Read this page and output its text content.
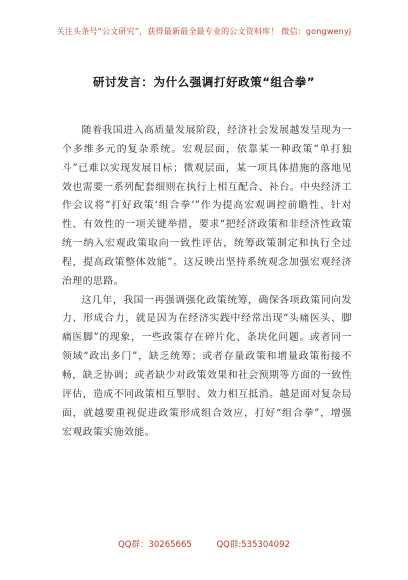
关注头条号“公文研究”，获得最新最全最专业的公文资料库！ 微信：gongwenyj
研讨发言：为什么强调打好政策“组合拳”

随着我国进入高质量发展阶段，经济社会发展越发呈现为一个多维多元的复杂系统。宏观层面，依靠某一种政策“单打独斗”已难以实现发展目标；微观层面，某一项具体措施的落地见效也需要一系列配套细则在执行上相互配合、补台。中央经济工作会议将“打好政策‘组合拳’”作为提高宏观调控前瞻性、针对性、有效性的一项关键举措，要求“把经济政策和非经济性政策统一纳入宏观政策取向一致性评估，统筹政策制定和执行全过程，提高政策整体效能”。这反映出坚持系统观念加强宏观经济治理的思路。

这几年，我国一再强调强化政策统筹，确保各项政策同向发力、形成合力，就是因为在经济实践中经常出现“头痛医头、脚痛医脚”的现象，一些政策存在碎片化、条块化问题。或者同一领域“政出多门”，缺乏统筹；或者存量政策和增量政策衔接不畅，缺乏协调；或者缺少对政策效果和社会预期等方面的一致性评估，造成不同政策相互掣肘、效力相互抵消。越是面对复杂局面，就越要重视促进政策形成组合效应，打好“组合拳”，增强宏观政策实施效能。

QQ群：30265665	QQ群:535304092
